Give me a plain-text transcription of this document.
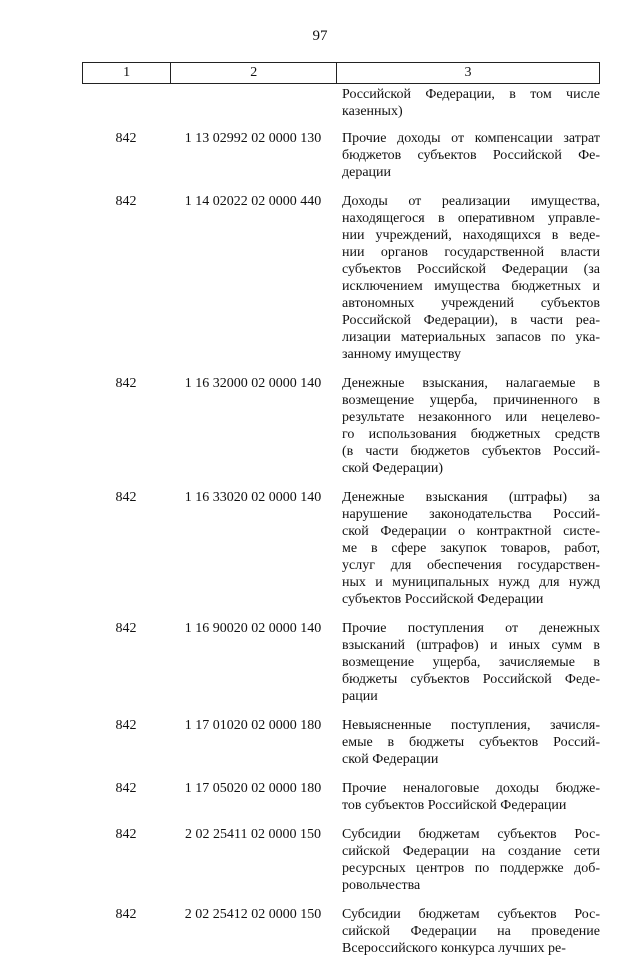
97
1	2	3
Российской Федерации, в том числе
казенных)
842	1 13 02992 02 0000 130	Прочие доходы от компенсации затрат
бюджетов субъектов Российской Фе-
дерации
842	1 14 02022 02 0000 440	Доходы от реализации имущества,
находящегося в оперативном управле-
нии учреждений, находящихся в веде-
нии органов государственной власти
субъектов Российской Федерации (за
исключением имущества бюджетных и
автономных учреждений субъектов
Российской Федерации), в части реа-
лизации материальных запасов по ука-
занному имуществу
842	1 16 32000 02 0000 140	Денежные взыскания, налагаемые в
возмещение ущерба, причиненного в
результате незаконного или нецелево-
го использования бюджетных средств
(в части бюджетов субъектов Россий-
ской Федерации)
842	1 16 33020 02 0000 140	Денежные взыскания (штрафы) за
нарушение законодательства Россий-
ской Федерации о контрактной систе-
ме в сфере закупок товаров, работ,
услуг для обеспечения государствен-
ных и муниципальных нужд для нужд
субъектов Российской Федерации
842	1 16 90020 02 0000 140	Прочие поступления от денежных
взысканий (штрафов) и иных сумм в
возмещение ущерба, зачисляемые в
бюджеты субъектов Российской Феде-
рации
842	1 17 01020 02 0000 180	Невыясненные поступления, зачисля-
емые в бюджеты субъектов Россий-
ской Федерации
842	1 17 05020 02 0000 180	Прочие неналоговые доходы бюдже-
тов субъектов Российской Федерации
842	2 02 25411 02 0000 150	Субсидии бюджетам субъектов Рос-
сийской Федерации на создание сети
ресурсных центров по поддержке доб-
ровольчества
842	2 02 25412 02 0000 150	Субсидии бюджетам субъектов Рос-
сийской Федерации на проведение
Всероссийского конкурса лучших ре-
